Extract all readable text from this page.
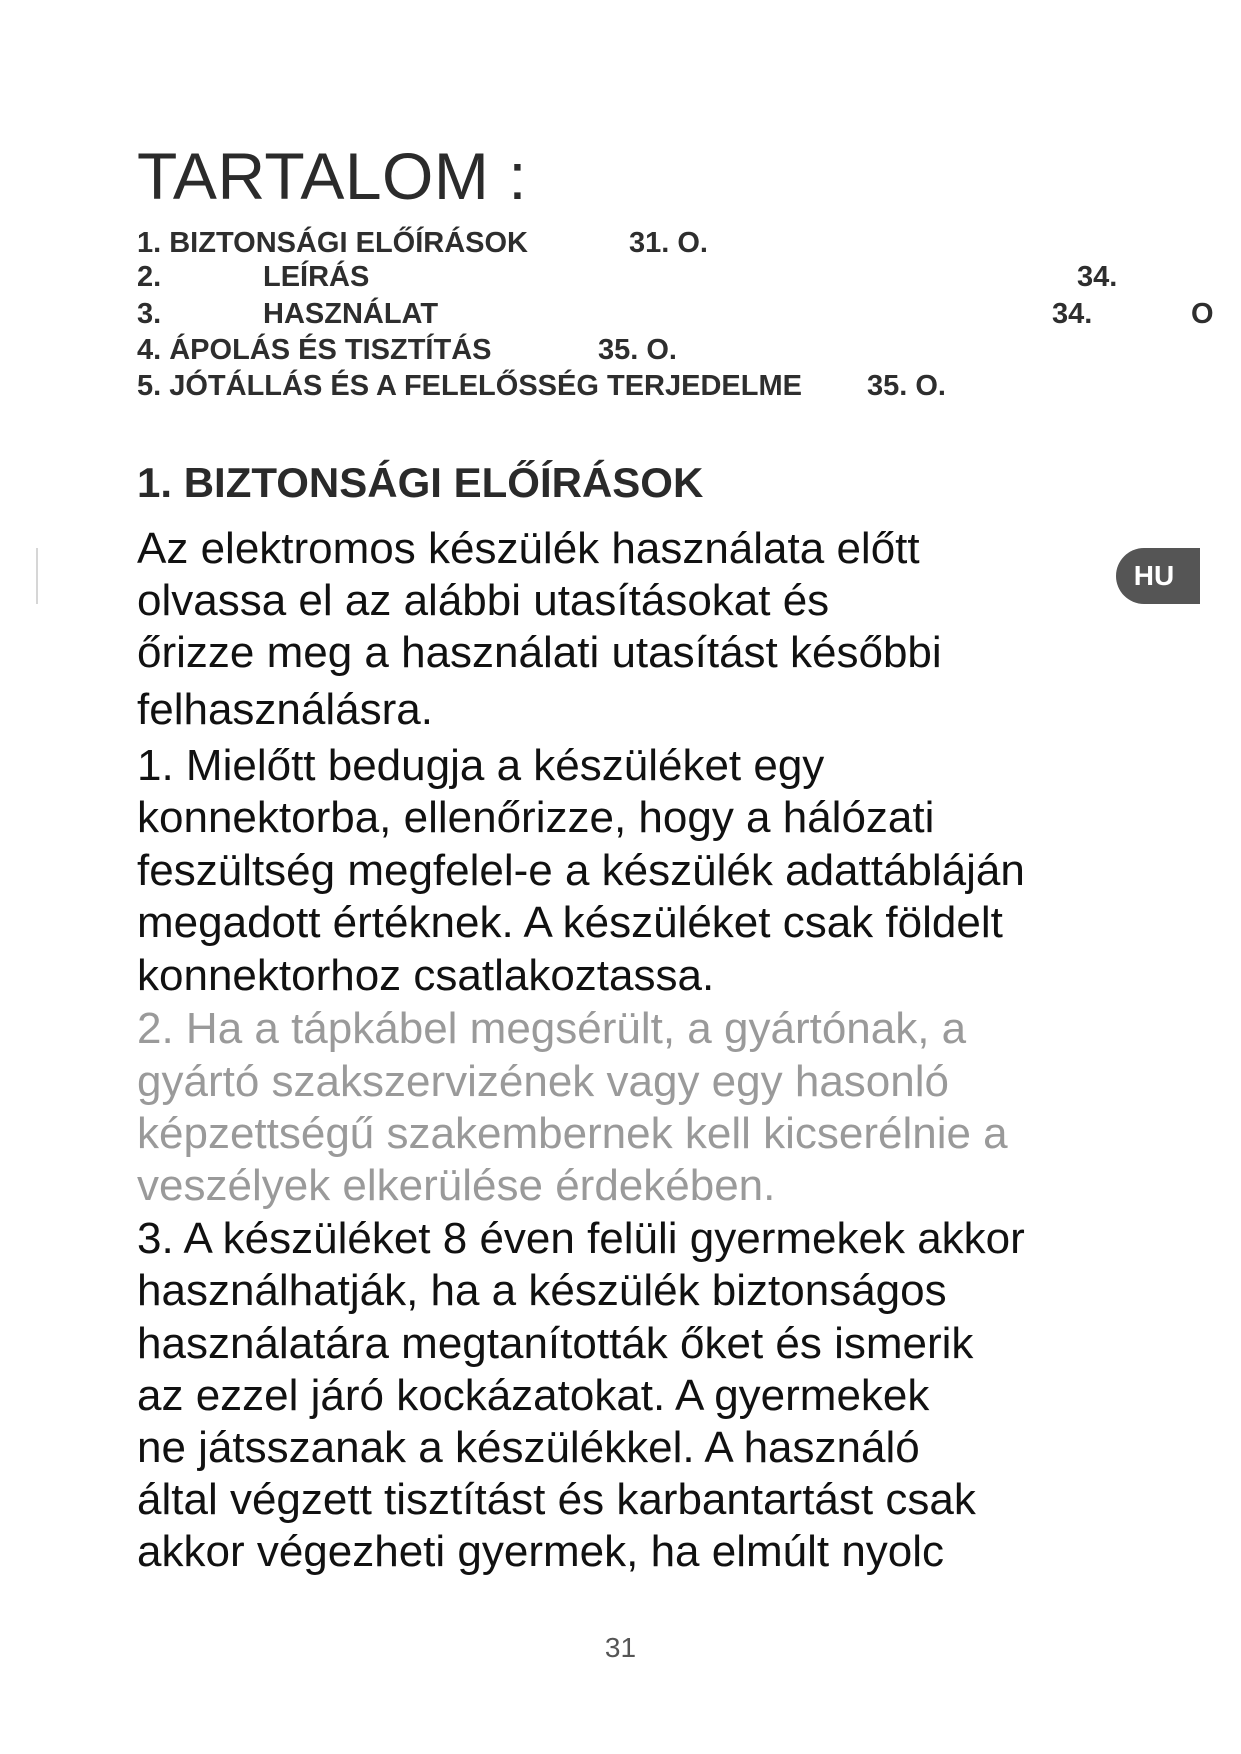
TARTALOM :
1. BIZTONSÁGI ELŐÍRÁSOK	31. O.
2.	LEÍRÁS	34.
3.	HASZNÁLAT	34.	O
4. ÁPOLÁS ÉS TISZTÍTÁS	35. O.
5. JÓTÁLLÁS ÉS A FELELŐSSÉG TERJEDELME 35. O.
1. BIZTONSÁGI ELŐÍRÁSOK
Az elektromos készülék használata előtt
olvassa el az alábbi utasításokat és
őrizze meg a használati utasítást későbbi
felhasználásra.
1. Mielőtt bedugja a készüléket egy
konnektorba, ellenőrizze, hogy a hálózati
feszültség megfelel-e a készülék adattábláján
megadott értéknek. A készüléket csak földelt
konnektorhoz csatlakoztassa.
2. Ha a tápkábel megsérült, a gyártónak, a
gyártó szakszervizének vagy egy hasonló
képzettségű szakembernek kell kicserélnie a
veszélyek elkerülése érdekében.
3. A készüléket 8 éven felüli gyermekek akkor
használhatják, ha a készülék biztonságos
használatára megtanították őket és ismerik
az ezzel járó kockázatokat. A gyermekek
ne játsszanak a készülékkel. A használó
által végzett tisztítást és karbantartást csak
akkor végezheti gyermek, ha elmúlt nyolc
HU
31
